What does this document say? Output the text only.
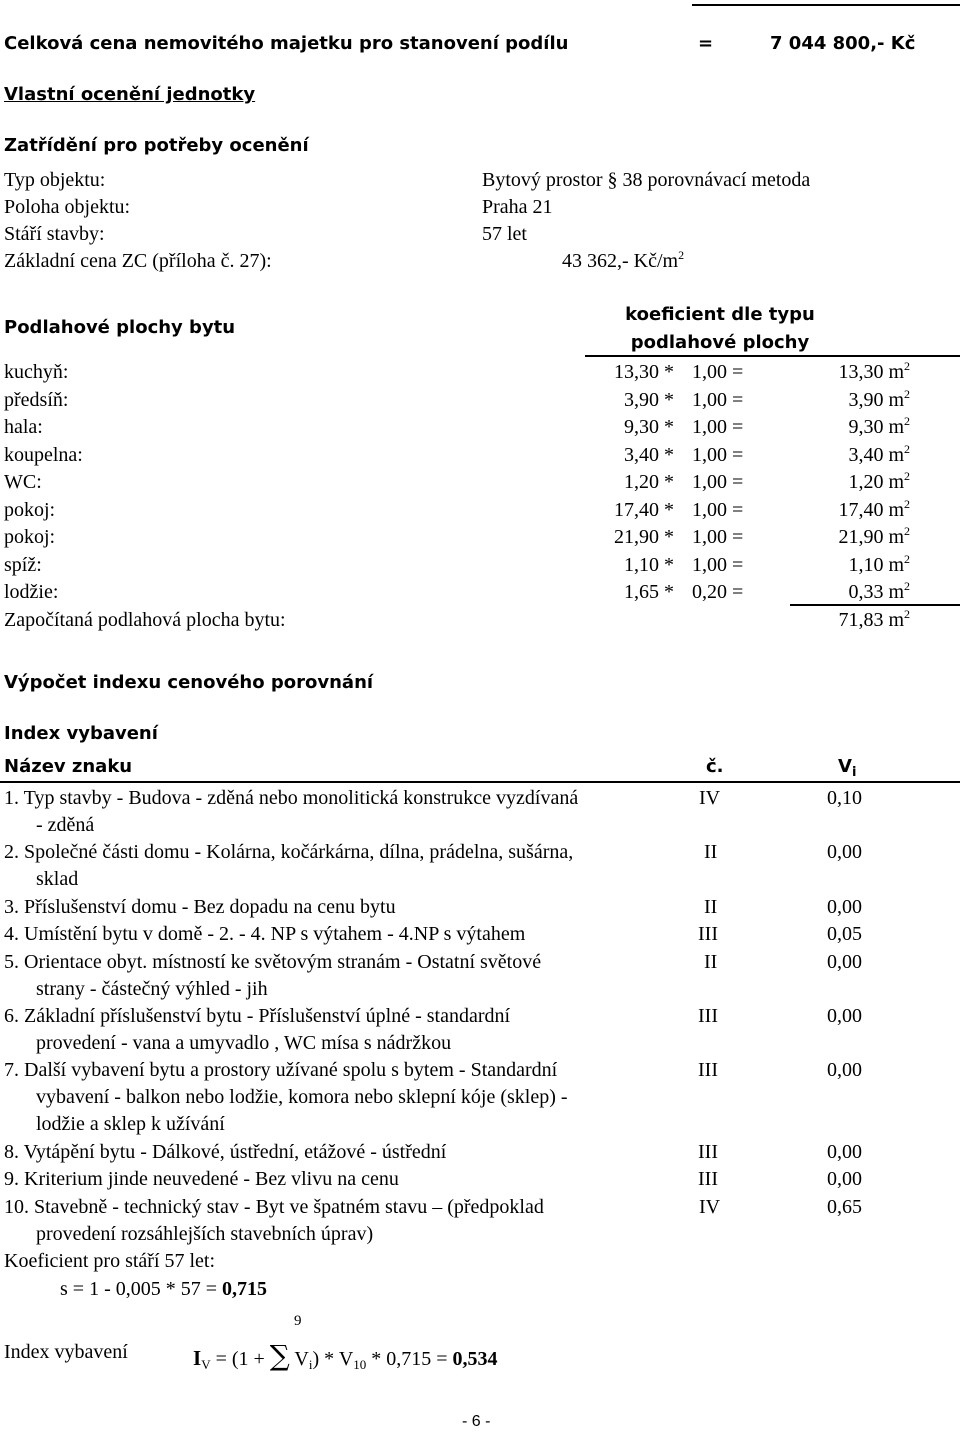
Celková cena nemovitého majetku pro stanovení podílu	=	7 044 800,- Kč
Vlastní ocenění jednotky
Zatřídění pro potřeby ocenění
Typ objektu:	Bytový prostor § 38 porovnávací metoda
Poloha objektu:	Praha 21
Stáří stavby:	57 let
Základní cena ZC (příloha č. 27):	43 362,- $Kč/m^2$
Podlahové plochy bytu
koeficient dle typu
podlahové plochy
kuchyň:	13,30 * 1,00 =	13,30 $m^2$
předsíň:	3,90 * 1,00 =	3,90 $m^2$
hala:	9,30 * 1,00 =	9,30 $m^2$
koupelna:	3,40 * 1,00 =	3,40 $m^2$
WC:	1,20 * 1,00 =	1,20 $m^2$
pokoj:	17,40 * 1,00 =	17,40 $m^2$
pokoj:	21,90 * 1,00 =	21,90 $m^2$
spíž:	1,10 * 1,00 =	1,10 $m^2$
lodžie:	1,65 * 0,20 =	0,33 $m^2$
Započítaná podlahová plocha bytu:	71,83 $m^2$
Výpočet indexu cenového porovnání
Index vybavení
Název znaku	č.	$V_i$
1. Typ stavby - Budova - zděná nebo monolitická konstrukce vyzdívaná	IV	0,10
- zděná
2. Společné části domu - Kolárna, kočárkárna, dílna, prádelna, sušárna,	II	0,00
sklad
3. Příslušenství domu - Bez dopadu na cenu bytu	II	0,00
4. Umístění bytu v domě - 2. - 4. NP s výtahem - 4.NP s výtahem	III	0,05
5. Orientace obyt. místností ke světovým stranám - Ostatní světové	II	0,00
strany - částečný výhled - jih
6. Základní příslušenství bytu - Příslušenství úplné - standardní	III	0,00
provedení - vana a umyvadlo , WC mísa s nádržkou
7. Další vybavení bytu a prostory užívané spolu s bytem - Standardní	III	0,00
vybavení - balkon nebo lodžie, komora nebo sklepní kóje (sklep) -
lodžie a sklep k užívání
8. Vytápění bytu - Dálkové, ústřední, etážové - ústřední	III	0,00
9. Kriterium jinde neuvedené - Bez vlivu na cenu	III	0,00
10. Stavebně - technický stav - Byt ve špatném stavu – (předpoklad	IV	0,65
provedení rozsáhlejších stavebních úprav)
Koeficient pro stáří 57 let:
s = 1 - 0,005 * 57 = 0,715
9
Index vybavení	$I_V = (1$ + ∑ $V_i) * V_{10} * 0,715 = 0,534$
- 6 -
